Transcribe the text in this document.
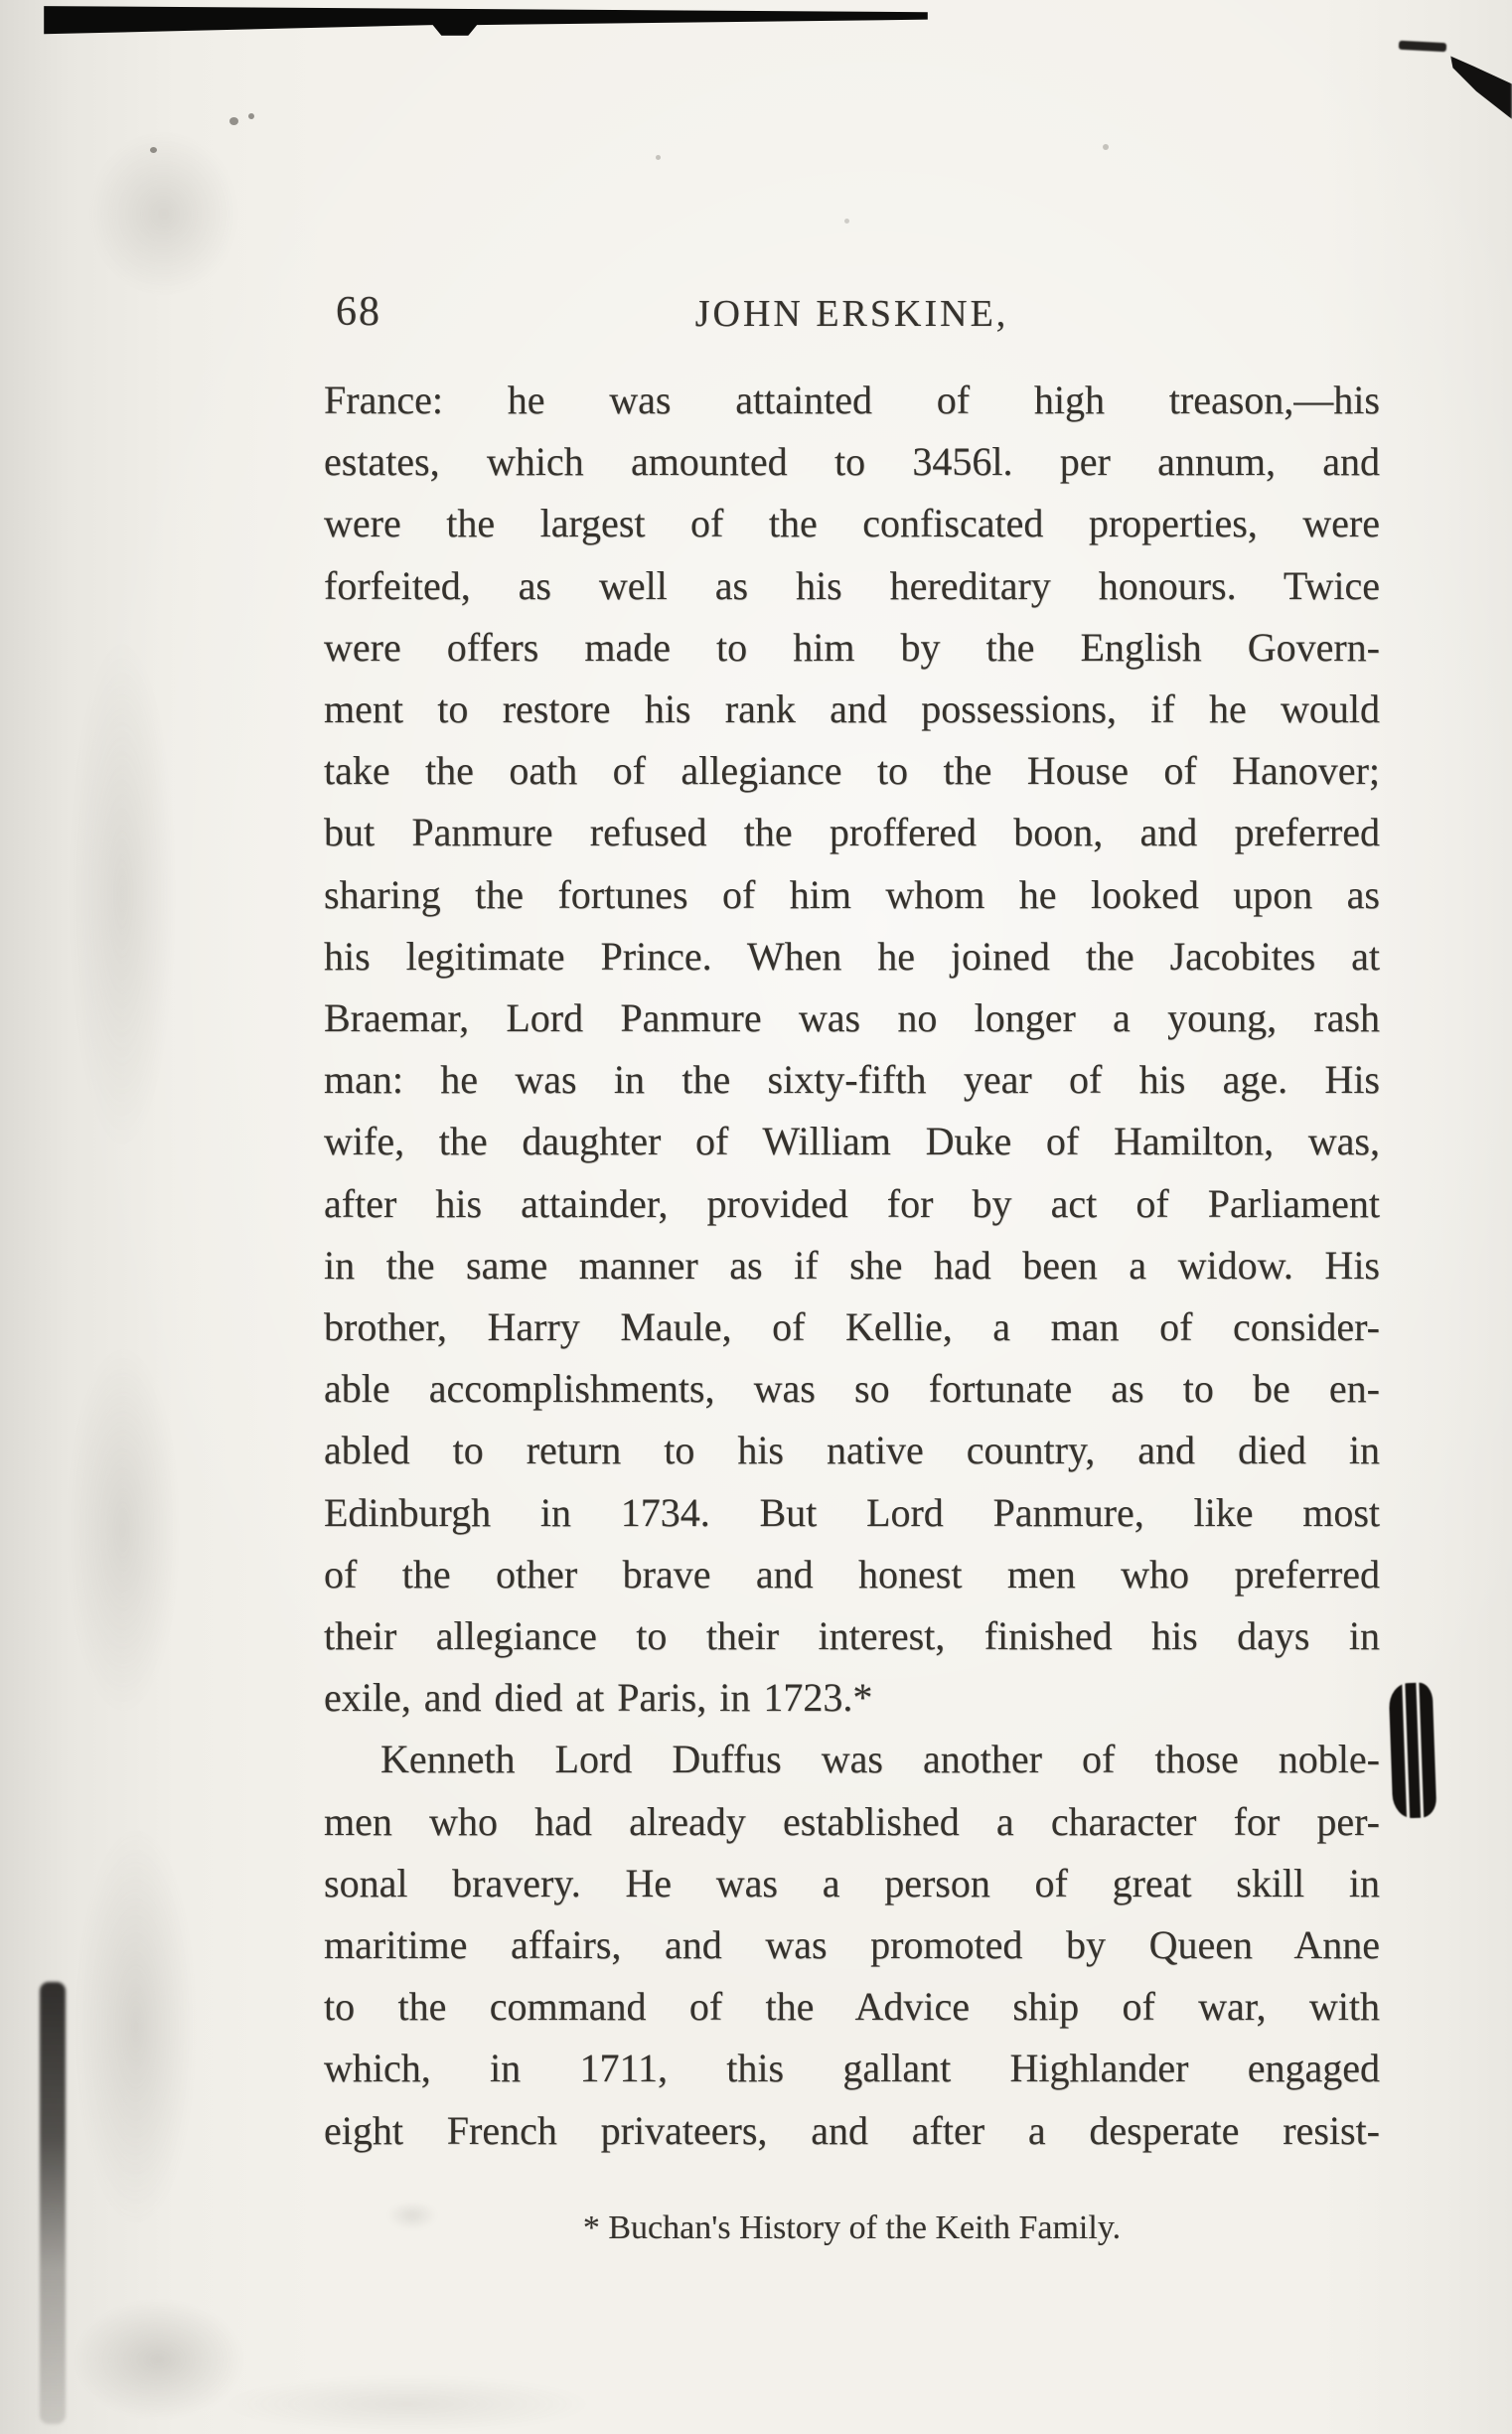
68	JOHN ERSKINE,
France: he was attainted of high treason,—his
estates, which amounted to 3456l. per annum, and
were the largest of the confiscated properties, were
forfeited, as well as his hereditary honours. Twice
were offers made to him by the English Govern-
ment to restore his rank and possessions, if he would
take the oath of allegiance to the House of Hanover;
but Panmure refused the proffered boon, and preferred
sharing the fortunes of him whom he looked upon as
his legitimate Prince. When he joined the Jacobites at
Braemar, Lord Panmure was no longer a young, rash
man: he was in the sixty-fifth year of his age. His
wife, the daughter of William Duke of Hamilton, was,
after his attainder, provided for by act of Parliament
in the same manner as if she had been a widow. His
brother, Harry Maule, of Kellie, a man of consider-
able accomplishments, was so fortunate as to be en-
abled to return to his native country, and died in
Edinburgh in 1734. But Lord Panmure, like most
of the other brave and honest men who preferred
their allegiance to their interest, finished his days in
exile, and died at Paris, in 1723.*
Kenneth Lord Duffus was another of those noble-
men who had already established a character for per-
sonal bravery. He was a person of great skill in
maritime affairs, and was promoted by Queen Anne
to the command of the Advice ship of war, with
which, in 1711, this gallant Highlander engaged
eight French privateers, and after a desperate resist-
* Buchan's History of the Keith Family.
